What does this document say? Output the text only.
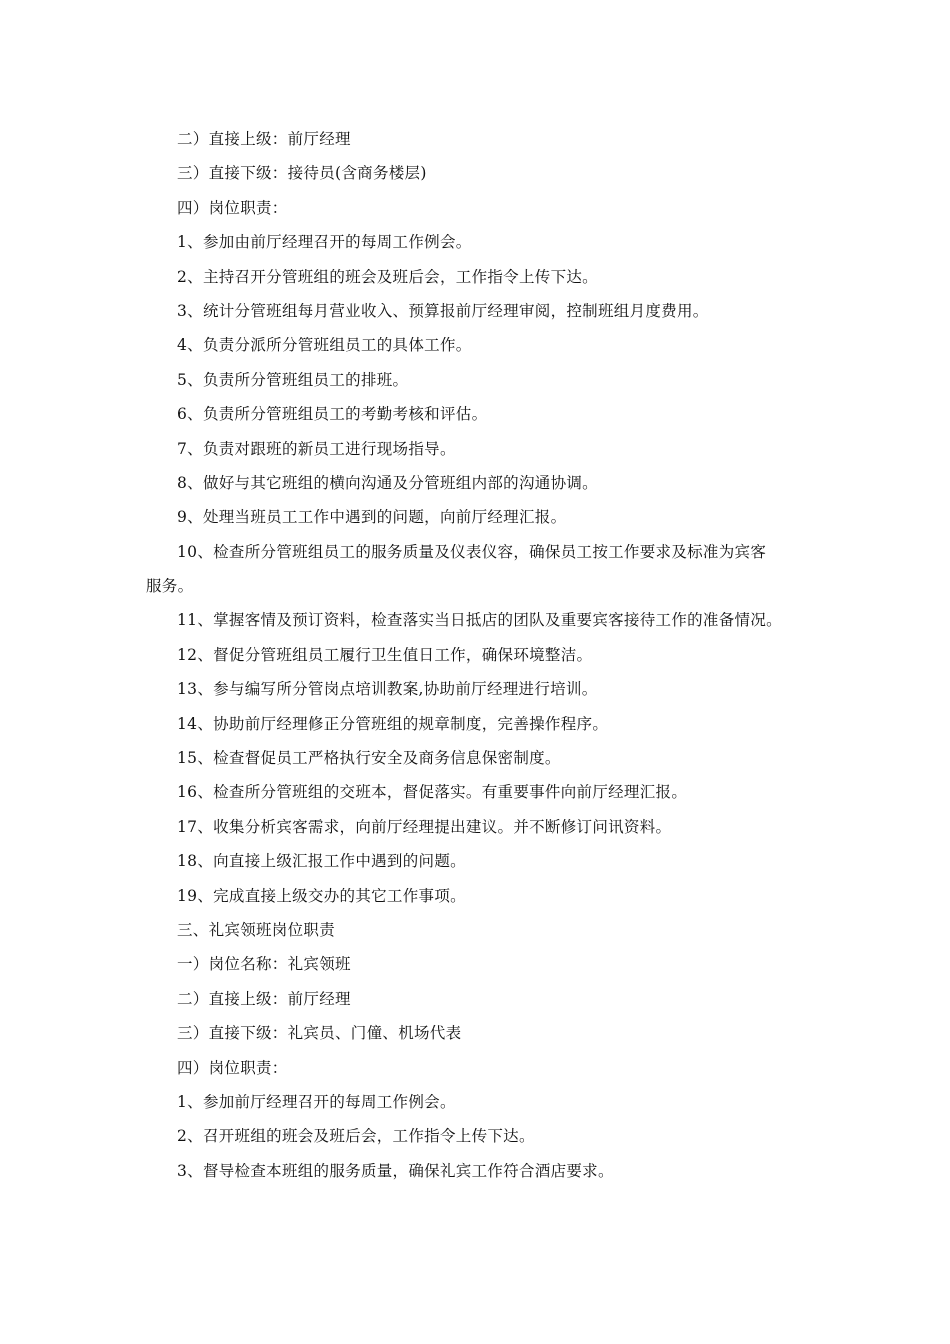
二）直接上级：前厅经理
三）直接下级：接待员(含商务楼层)
四）岗位职责：
1、参加由前厅经理召开的每周工作例会。
2、主持召开分管班组的班会及班后会，工作指令上传下达。
3、统计分管班组每月营业收入、预算报前厅经理审阅，控制班组月度费用。
4、负责分派所分管班组员工的具体工作。
5、负责所分管班组员工的排班。
6、负责所分管班组员工的考勤考核和评估。
7、负责对跟班的新员工进行现场指导。
8、做好与其它班组的横向沟通及分管班组内部的沟通协调。
9、处理当班员工工作中遇到的问题，向前厅经理汇报。
10、检查所分管班组员工的服务质量及仪表仪容，确保员工按工作要求及标准为宾客
服务。
11、掌握客情及预订资料，检查落实当日抵店的团队及重要宾客接待工作的准备情况。
12、督促分管班组员工履行卫生值日工作，确保环境整洁。
13、参与编写所分管岗点培训教案,协助前厅经理进行培训。
14、协助前厅经理修正分管班组的规章制度，完善操作程序。
15、检查督促员工严格执行安全及商务信息保密制度。
16、检查所分管班组的交班本，督促落实。有重要事件向前厅经理汇报。
17、收集分析宾客需求，向前厅经理提出建议。并不断修订问讯资料。
18、向直接上级汇报工作中遇到的问题。
19、完成直接上级交办的其它工作事项。
三、礼宾领班岗位职责
一）岗位名称：礼宾领班
二）直接上级：前厅经理
三）直接下级：礼宾员、门僮、机场代表
四）岗位职责：
1、参加前厅经理召开的每周工作例会。
2、召开班组的班会及班后会，工作指令上传下达。
3、督导检查本班组的服务质量，确保礼宾工作符合酒店要求。
